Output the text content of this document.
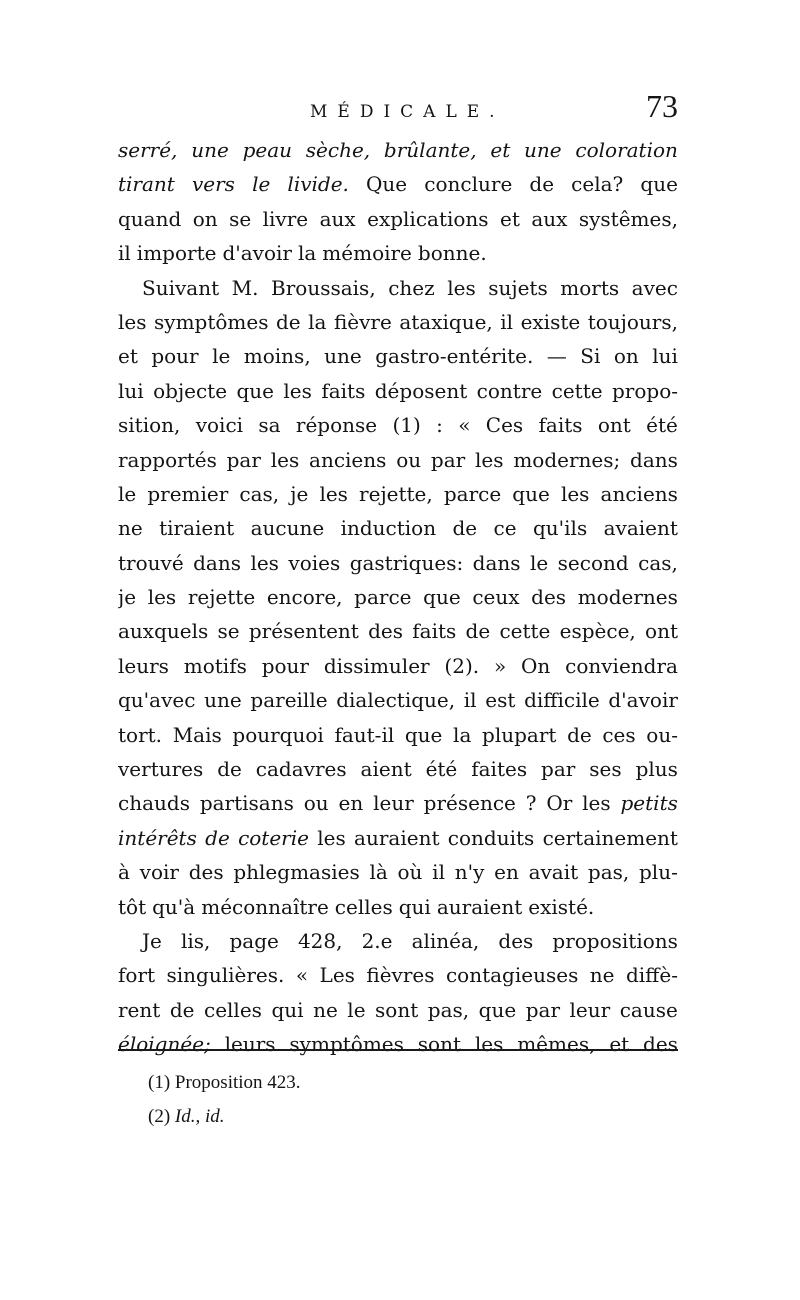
MÉDICALE.	73
serré, une peau sèche, brûlante, et une coloration
tirant vers le livide. Que conclure de cela? que
quand on se livre aux explications et aux systêmes,
il importe d'avoir la mémoire bonne.
Suivant M. Broussais, chez les sujets morts avec
les symptômes de la fièvre ataxique, il existe toujours,
et pour le moins, une gastro-entérite. — Si on lui
lui objecte que les faits déposent contre cette propo-
sition, voici sa réponse (1) : « Ces faits ont été
rapportés par les anciens ou par les modernes; dans
le premier cas, je les rejette, parce que les anciens
ne tiraient aucune induction de ce qu'ils avaient
trouvé dans les voies gastriques: dans le second cas,
je les rejette encore, parce que ceux des modernes
auxquels se présentent des faits de cette espèce, ont
leurs motifs pour dissimuler (2). » On conviendra
qu'avec une pareille dialectique, il est difficile d'avoir
tort. Mais pourquoi faut-il que la plupart de ces ou-
vertures de cadavres aient été faites par ses plus
chauds partisans ou en leur présence ? Or les petits
intérêts de coterie les auraient conduits certainement
à voir des phlegmasies là où il n'y en avait pas, plu-
tôt qu'à méconnaître celles qui auraient existé.
Je lis, page 428, 2.e alinéa, des propositions
fort singulières. « Les fièvres contagieuses ne diffè-
rent de celles qui ne le sont pas, que par leur cause
éloignée; leurs symptômes sont les mêmes, et des
(1) Proposition 423.
(2) Id., id.
